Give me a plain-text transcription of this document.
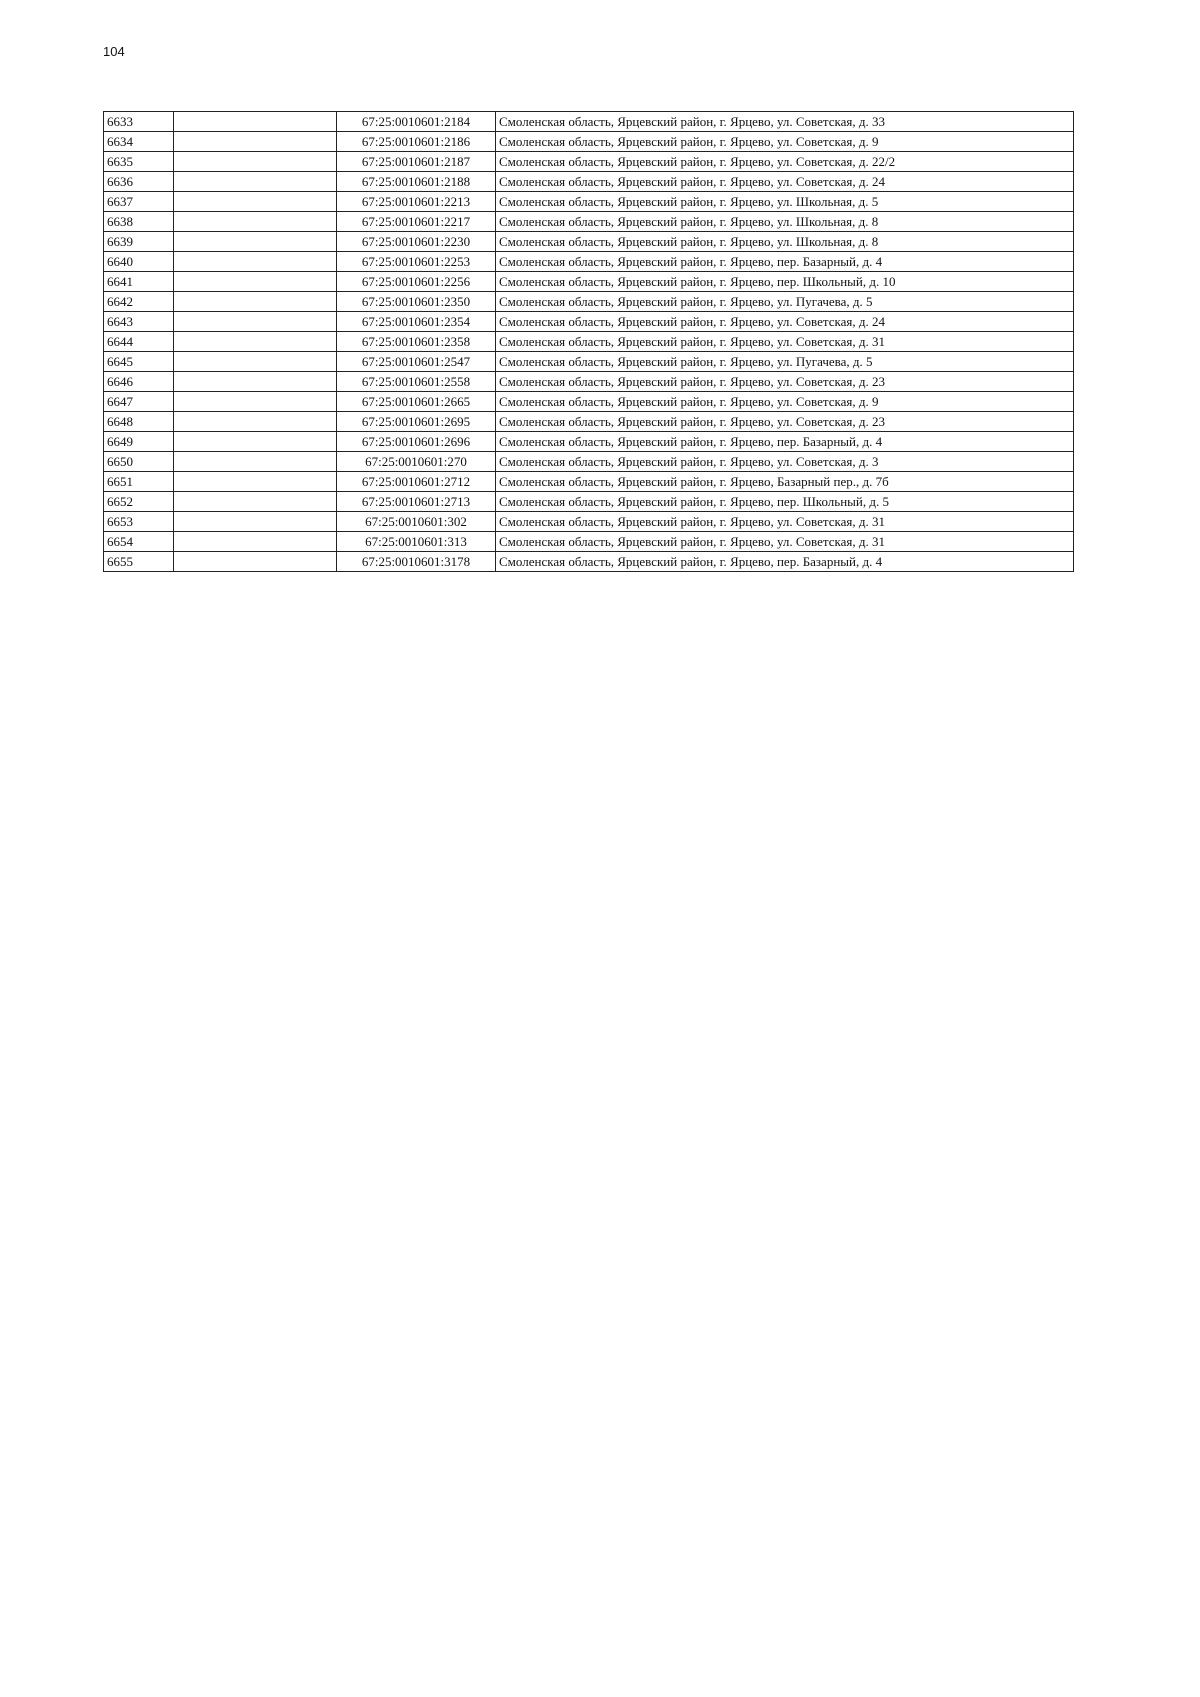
104
6633		67:25:0010601:2184	Смоленская область, Ярцевский район, г. Ярцево, ул. Советская, д. 33
6634		67:25:0010601:2186	Смоленская область, Ярцевский район, г. Ярцево, ул. Советская, д. 9
6635		67:25:0010601:2187	Смоленская область, Ярцевский район, г. Ярцево, ул. Советская, д. 22/2
6636		67:25:0010601:2188	Смоленская область, Ярцевский район, г. Ярцево, ул. Советская, д. 24
6637		67:25:0010601:2213	Смоленская область, Ярцевский район, г. Ярцево, ул. Школьная, д. 5
6638		67:25:0010601:2217	Смоленская область, Ярцевский район, г. Ярцево, ул. Школьная, д. 8
6639		67:25:0010601:2230	Смоленская область, Ярцевский район, г. Ярцево, ул. Школьная, д. 8
6640		67:25:0010601:2253	Смоленская область, Ярцевский район, г. Ярцево, пер. Базарный, д. 4
6641		67:25:0010601:2256	Смоленская область, Ярцевский район, г. Ярцево, пер. Школьный, д. 10
6642		67:25:0010601:2350	Смоленская область, Ярцевский район, г. Ярцево, ул. Пугачева, д. 5
6643		67:25:0010601:2354	Смоленская область, Ярцевский район, г. Ярцево, ул. Советская, д. 24
6644		67:25:0010601:2358	Смоленская область, Ярцевский район, г. Ярцево, ул. Советская, д. 31
6645		67:25:0010601:2547	Смоленская область, Ярцевский район, г. Ярцево, ул. Пугачева, д. 5
6646		67:25:0010601:2558	Смоленская область, Ярцевский район, г. Ярцево, ул. Советская, д. 23
6647		67:25:0010601:2665	Смоленская область, Ярцевский район, г. Ярцево, ул. Советская, д. 9
6648		67:25:0010601:2695	Смоленская область, Ярцевский район, г. Ярцево, ул. Советская, д. 23
6649		67:25:0010601:2696	Смоленская область, Ярцевский район, г. Ярцево, пер. Базарный, д. 4
6650		67:25:0010601:270	Смоленская область, Ярцевский район, г. Ярцево, ул. Советская, д. 3
6651		67:25:0010601:2712	Смоленская область, Ярцевский район, г. Ярцево, Базарный пер., д. 7б
6652		67:25:0010601:2713	Смоленская область, Ярцевский район, г. Ярцево, пер. Школьный, д. 5
6653		67:25:0010601:302	Смоленская область, Ярцевский район, г. Ярцево, ул. Советская, д. 31
6654		67:25:0010601:313	Смоленская область, Ярцевский район, г. Ярцево, ул. Советская, д. 31
6655		67:25:0010601:3178	Смоленская область, Ярцевский район, г. Ярцево, пер. Базарный, д. 4
